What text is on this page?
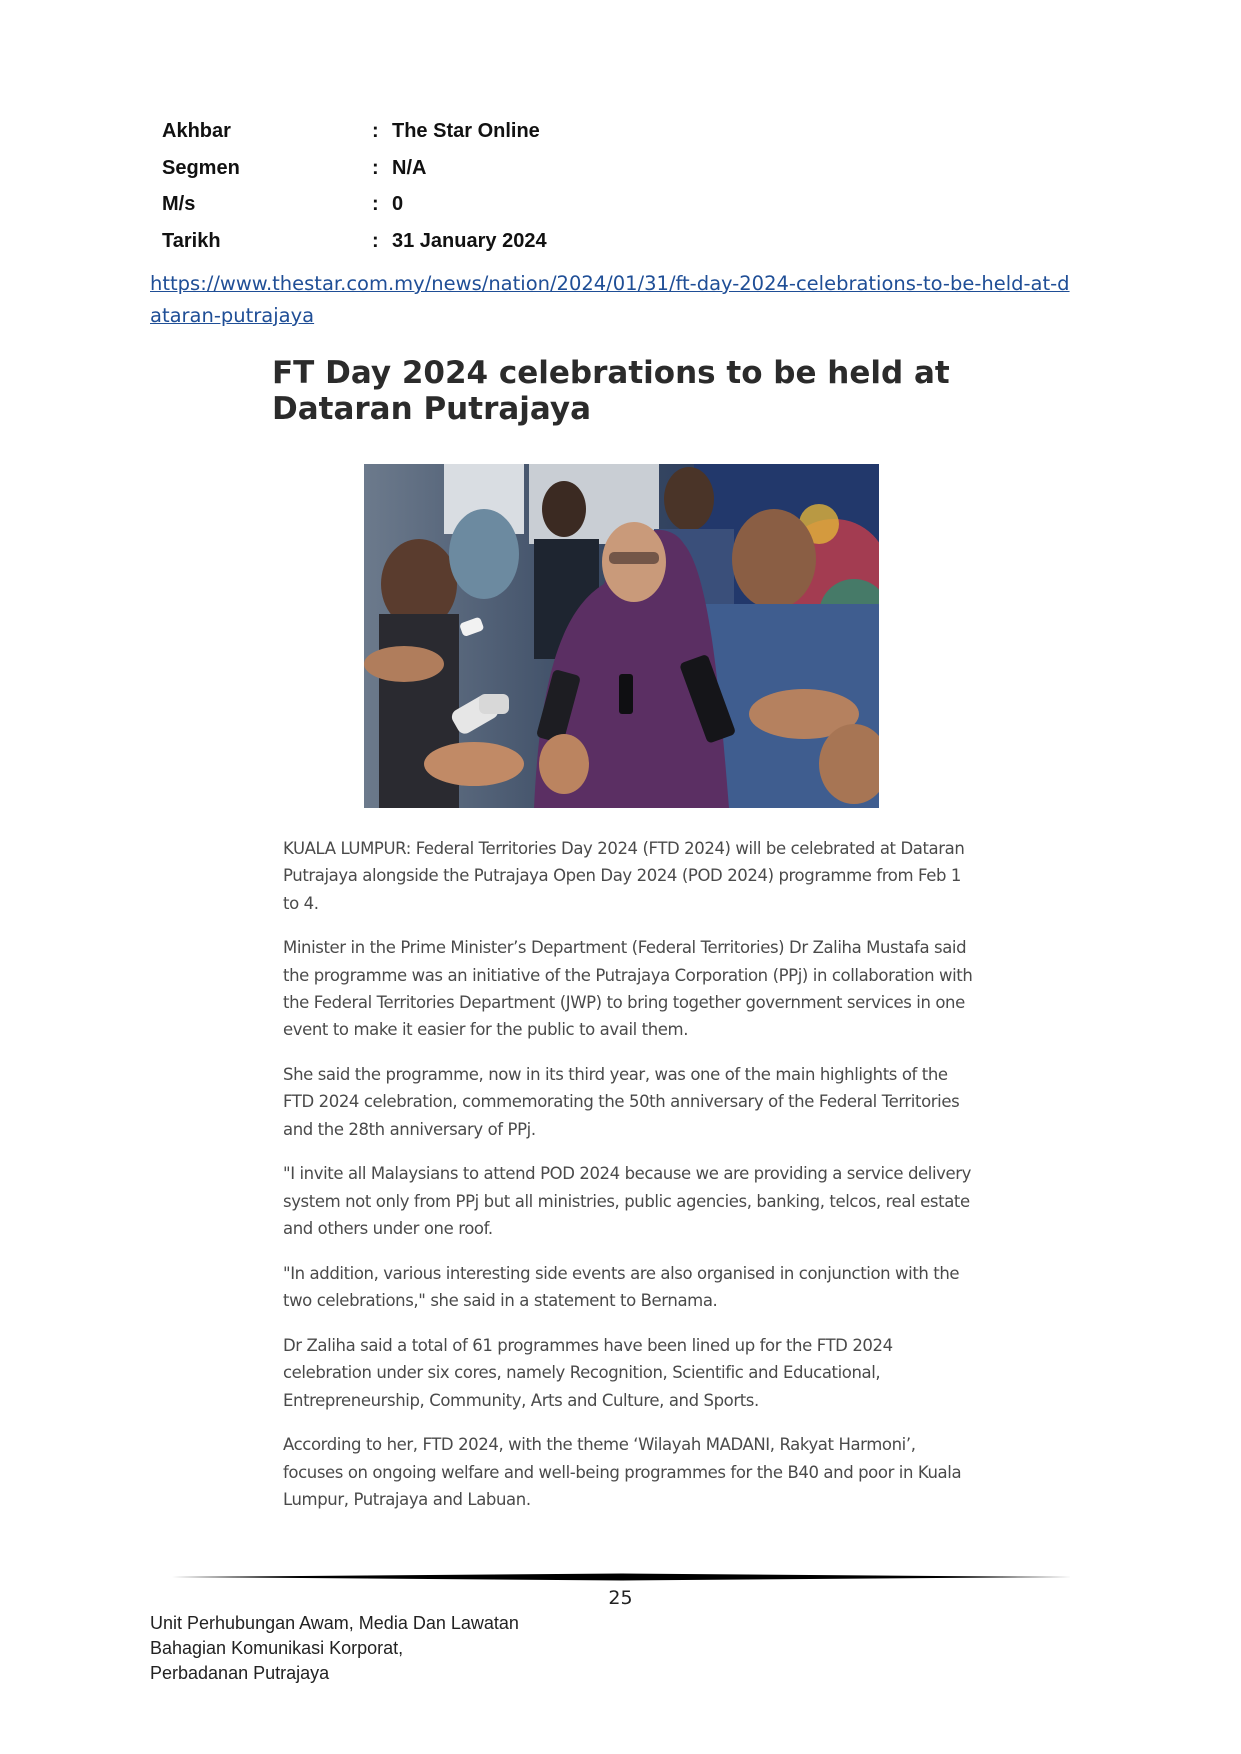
Akhbar	: The Star Online
Segmen	: N/A
M/s	: 0
Tarikh	: 31 January 2024
https://www.thestar.com.my/news/nation/2024/01/31/ft-day-2024-celebrations-to-be-held-at-dataran-putrajaya
FT Day 2024 celebrations to be held at Dataran Putrajaya

KUALA LUMPUR: Federal Territories Day 2024 (FTD 2024) will be celebrated at Dataran Putrajaya alongside the Putrajaya Open Day 2024 (POD 2024) programme from Feb 1 to 4.

Minister in the Prime Minister’s Department (Federal Territories) Dr Zaliha Mustafa said the programme was an initiative of the Putrajaya Corporation (PPj) in collaboration with the Federal Territories Department (JWP) to bring together government services in one event to make it easier for the public to avail them.

She said the programme, now in its third year, was one of the main highlights of the FTD 2024 celebration, commemorating the 50th anniversary of the Federal Territories and the 28th anniversary of PPj.

"I invite all Malaysians to attend POD 2024 because we are providing a service delivery system not only from PPj but all ministries, public agencies, banking, telcos, real estate and others under one roof.

"In addition, various interesting side events are also organised in conjunction with the two celebrations," she said in a statement to Bernama.

Dr Zaliha said a total of 61 programmes have been lined up for the FTD 2024 celebration under six cores, namely Recognition, Scientific and Educational, Entrepreneurship, Community, Arts and Culture, and Sports.

According to her, FTD 2024, with the theme ‘Wilayah MADANI, Rakyat Harmoni’, focuses on ongoing welfare and well-being programmes for the B40 and poor in Kuala Lumpur, Putrajaya and Labuan.

25
Unit Perhubungan Awam, Media Dan Lawatan
Bahagian Komunikasi Korporat,
Perbadanan Putrajaya
